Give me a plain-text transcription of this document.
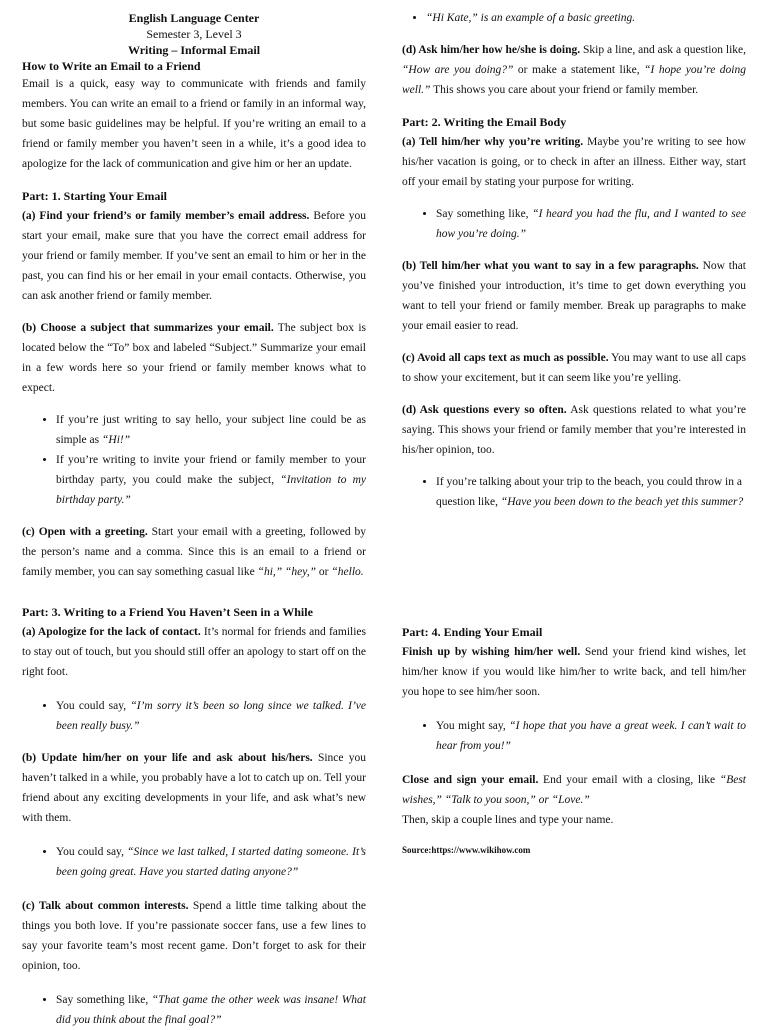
English Language Center
Semester 3, Level 3
Writing – Informal Email
How to Write an Email to a Friend

Email is a quick, easy way to communicate with friends and family members. You can write an email to a friend or family in an informal way, but some basic guidelines may be helpful. If you’re writing an email to a friend or family member you haven’t seen in a while, it’s a good idea to apologize for the lack of communication and give him or her an update.

Part: 1. Starting Your Email

(a) Find your friend’s or family member’s email address. Before you start your email, make sure that you have the correct email address for your friend or family member. If you’ve sent an email to him or her in the past, you can find his or her email in your email contacts. Otherwise, you can ask another friend or family member.

(b) Choose a subject that summarizes your email. The subject box is located below the “To” box and labeled “Subject.” Summarize your email in a few words here so your friend or family member knows what to expect.

• If you’re just writing to say hello, your subject line could be as simple as “Hi!”
• If you’re writing to invite your friend or family member to your birthday party, you could make the subject, “Invitation to my birthday party.”

(c) Open with a greeting. Start your email with a greeting, followed by the person’s name and a comma. Since this is an email to a friend or family member, you can say something casual like “hi,” “hey,” or “hello.

• “Hi Kate,” is an example of a basic greeting.

(d) Ask him/her how he/she is doing. Skip a line, and ask a question like, “How are you doing?” or make a statement like, “I hope you’re doing well.” This shows you care about your friend or family member.

Part: 2. Writing the Email Body

(a) Tell him/her why you’re writing. Maybe you’re writing to see how his/her vacation is going, or to check in after an illness. Either way, start off your email by stating your purpose for writing.

• Say something like, “I heard you had the flu, and I wanted to see how you’re doing.”

(b) Tell him/her what you want to say in a few paragraphs. Now that you’ve finished your introduction, it’s time to get down everything you want to tell your friend or family member. Break up paragraphs to make your email easier to read.

(c) Avoid all caps text as much as possible. You may want to use all caps to show your excitement, but it can seem like you’re yelling.

(d) Ask questions every so often. Ask questions related to what you’re saying. This shows your friend or family member that you’re interested in his/her opinion, too.

• If you’re talking about your trip to the beach, you could throw in a question like, “Have you been down to the beach yet this summer?
Part: 3. Writing to a Friend You Haven’t Seen in a While

(a) Apologize for the lack of contact. It’s normal for friends and families to stay out of touch, but you should still offer an apology to start off on the right foot.

• You could say, “I’m sorry it’s been so long since we talked. I’ve been really busy.”

(b) Update him/her on your life and ask about his/hers. Since you haven’t talked in a while, you probably have a lot to catch up on. Tell your friend about any exciting developments in your life, and ask what’s new with them.

• You could say, “Since we last talked, I started dating someone. It’s been going great. Have you started dating anyone?”

(c) Talk about common interests. Spend a little time talking about the things you both love. If you’re passionate soccer fans, use a few lines to say your favorite team’s most recent game. Don’t forget to ask for their opinion, too.

• Say something like, “That game the other week was insane! What did you think about the final goal?”
Part: 4. Ending Your Email

Finish up by wishing him/her well. Send your friend kind wishes, let him/her know if you would like him/her to write back, and tell him/her you hope to see him/her soon.

• You might say, “I hope that you have a great week. I can’t wait to hear from you!”

Close and sign your email. End your email with a closing, like “Best wishes,” “Talk to you soon,” or “Love.”

Then, skip a couple lines and type your name.

Source:https://www.wikihow.com
